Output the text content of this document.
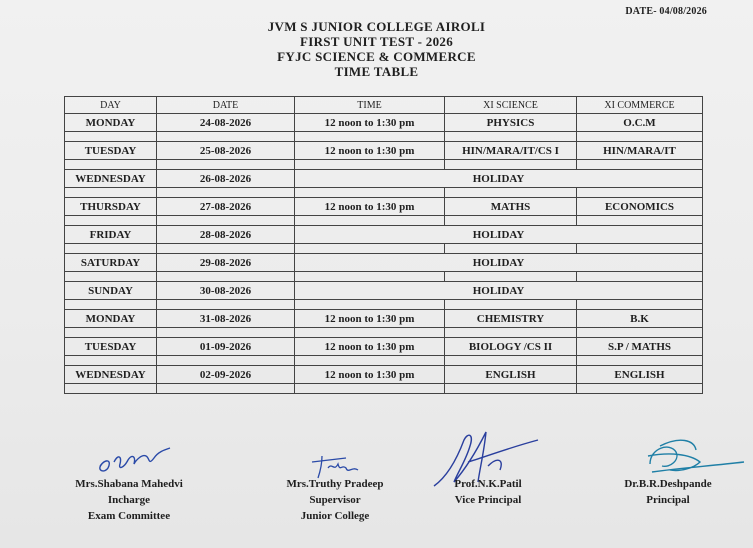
DATE- 04/08/2026
JVM S JUNIOR COLLEGE AIROLI
FIRST UNIT TEST - 2026
FYJC SCIENCE & COMMERCE
TIME TABLE
DAY	DATE	TIME	XI SCIENCE	XI COMMERCE
MONDAY	24-08-2026	12 noon to 1:30 pm	PHYSICS	O.C.M

TUESDAY	25-08-2026	12 noon to 1:30 pm	HIN/MARA/IT/CS I	HIN/MARA/IT

WEDNESDAY	26-08-2026	HOLIDAY		

THURSDAY	27-08-2026	12 noon to 1:30 pm	MATHS	ECONOMICS

FRIDAY	28-08-2026	HOLIDAY		

SATURDAY	29-08-2026	HOLIDAY		

SUNDAY	30-08-2026	HOLIDAY		

MONDAY	31-08-2026	12 noon to 1:30 pm	CHEMISTRY	B.K

TUESDAY	01-09-2026	12 noon to 1:30 pm	BIOLOGY /CS II	S.P / MATHS

WEDNESDAY	02-09-2026	12 noon to 1:30 pm	ENGLISH	ENGLISH

Mrs.Shabana Mahedvi
Incharge
Exam Committee
Mrs.Truthy Pradeep
Supervisor
Junior College
Prof.N.K.Patil
Vice Principal
Dr.B.R.Deshpande
Principal
